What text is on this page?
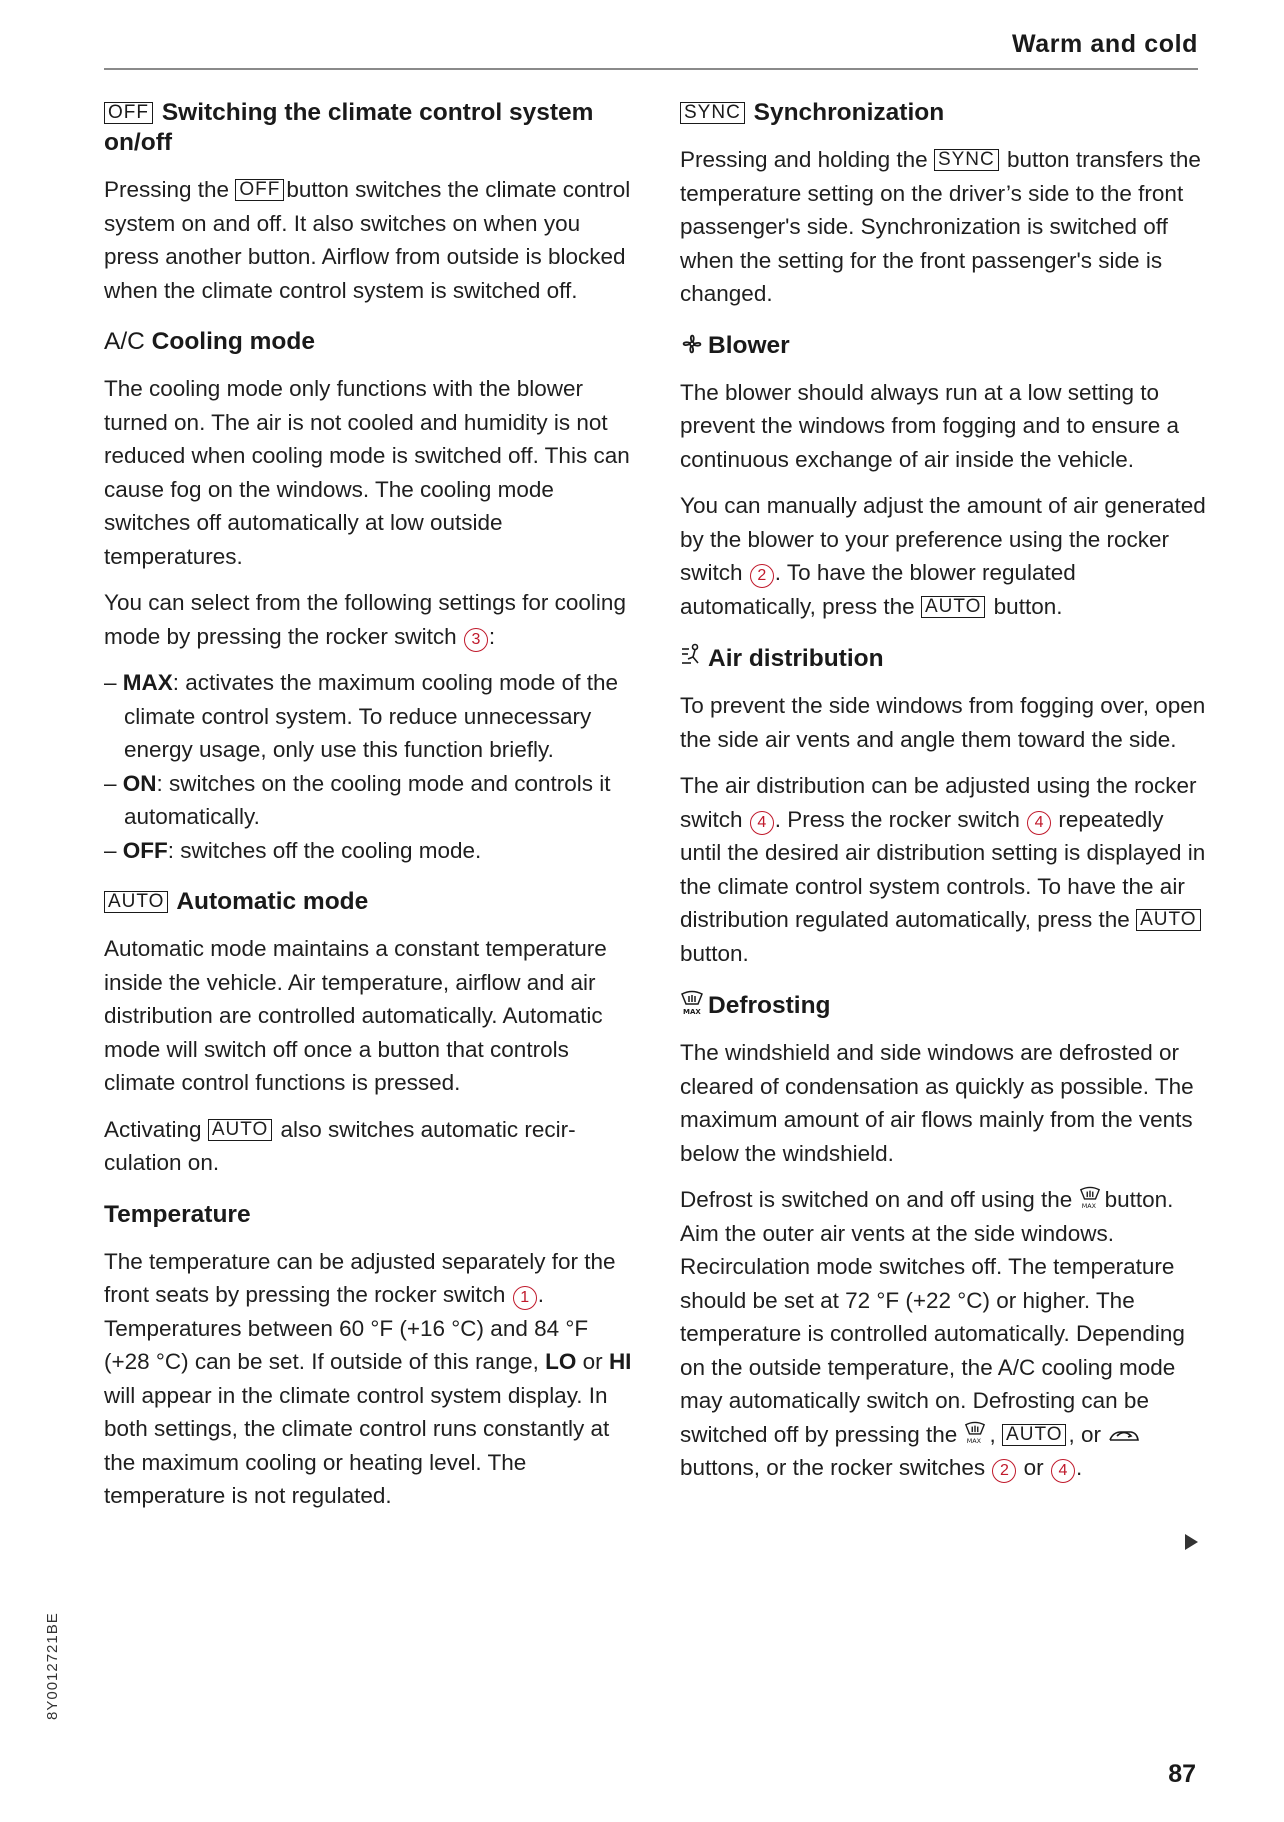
Warm and cold
OFF Switching the climate control system on/off
Pressing the OFF button switches the climate control system on and off. It also switches on when you press another button. Airflow from outside is blocked when the climate control system is switched off.
A/C Cooling mode
The cooling mode only functions with the blower turned on. The air is not cooled and humidity is not reduced when cooling mode is switched off. This can cause fog on the windows. The cooling mode switches off automatically at low outside temperatures.
You can select from the following settings for cooling mode by pressing the rocker switch 3 :
– MAX: activates the maximum cooling mode of the climate control system. To reduce unnecessary energy usage, only use this function briefly.
– ON: switches on the cooling mode and controls it automatically.
– OFF: switches off the cooling mode.
AUTO Automatic mode
Automatic mode maintains a constant temperature inside the vehicle. Air temperature, airflow and air distribution are controlled automatically. Automatic mode will switch off once a button that controls climate control functions is pressed.
Activating AUTO also switches automatic recirculation on.
Temperature
The temperature can be adjusted separately for the front seats by pressing the rocker switch 1 . Temperatures between 60 °F (+16 °C) and 84 °F (+28 °C) can be set. If outside of this range, LO or HI will appear in the climate control system display. In both settings, the climate control runs constantly at the maximum cooling or heating level. The temperature is not regulated.
SYNC Synchronization
Pressing and holding the SYNC button transfers the temperature setting on the driver’s side to the front passenger's side. Synchronization is switched off when the setting for the front passenger's side is changed.
Blower
The blower should always run at a low setting to prevent the windows from fogging and to ensure a continuous exchange of air inside the vehicle.
You can manually adjust the amount of air generated by the blower to your preference using the rocker switch 2 . To have the blower regulated automatically, press the AUTO button.
Air distribution
To prevent the side windows from fogging over, open the side air vents and angle them toward the side.
The air distribution can be adjusted using the rocker switch 4 . Press the rocker switch 4 repeatedly until the desired air distribution setting is displayed in the climate control system controls. To have the air distribution regulated automatically, press the AUTO button.
MAX Defrosting
The windshield and side windows are defrosted or cleared of condensation as quickly as possible. The maximum amount of air flows mainly from the vents below the windshield.
Defrost is switched on and off using the MAX button. Aim the outer air vents at the side windows. Recirculation mode switches off. The temperature should be set at 72 °F (+22 °C) or higher. The temperature is controlled automatically. Depending on the outside temperature, the A/C cooling mode may automatically switch on. Defrosting can be switched off by pressing the MAX , AUTO , or
buttons, or the rocker switches 2 or 4 .
8Y0012721BE
87
